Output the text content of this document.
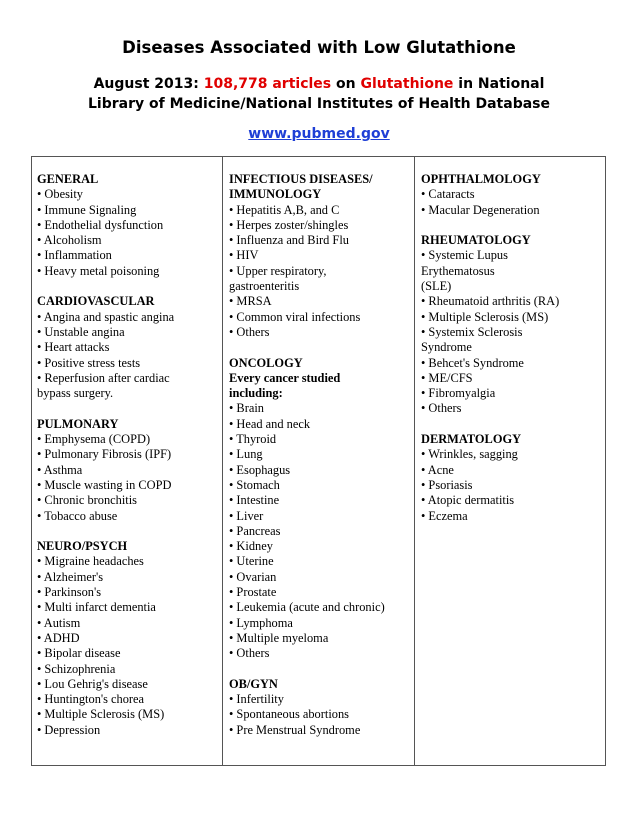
Diseases Associated with Low Glutathione
August 2013: 108,778 articles on Glutathione in National Library of Medicine/National Institutes of Health Database
www.pubmed.gov
GENERAL
• Obesity
• Immune Signaling
• Endothelial dysfunction
• Alcoholism
• Inflammation
• Heavy metal poisoning
CARDIOVASCULAR
• Angina and spastic angina
• Unstable angina
• Heart attacks
• Positive stress tests
• Reperfusion after cardiac
bypass surgery.
PULMONARY
• Emphysema (COPD)
• Pulmonary Fibrosis (IPF)
• Asthma
• Muscle wasting in COPD
• Chronic bronchitis
• Tobacco abuse
NEURO/PSYCH
• Migraine headaches
• Alzheimer's
• Parkinson's
• Multi infarct dementia
• Autism
• ADHD
• Bipolar disease
• Schizophrenia
• Lou Gehrig's disease
• Huntington's chorea
• Multiple Sclerosis (MS)
• Depression
INFECTIOUS DISEASES/
IMMUNOLOGY
• Hepatitis A,B, and C
• Herpes zoster/shingles
• Influenza and Bird Flu
• HIV
• Upper respiratory,
gastroenteritis
• MRSA
• Common viral infections
• Others
ONCOLOGY
Every cancer studied
including:
• Brain
• Head and neck
• Thyroid
• Lung
• Esophagus
• Stomach
• Intestine
• Liver
• Pancreas
• Kidney
• Uterine
• Ovarian
• Prostate
• Leukemia (acute and chronic)
• Lymphoma
• Multiple myeloma
• Others
OB/GYN
• Infertility
• Spontaneous abortions
• Pre Menstrual Syndrome
OPHTHALMOLOGY
• Cataracts
• Macular Degeneration
RHEUMATOLOGY
• Systemic Lupus
Erythematosus
(SLE)
• Rheumatoid arthritis (RA)
• Multiple Sclerosis (MS)
• Systemix Sclerosis
Syndrome
• Behcet's Syndrome
• ME/CFS
• Fibromyalgia
• Others
DERMATOLOGY
• Wrinkles, sagging
• Acne
• Psoriasis
• Atopic dermatitis
• Eczema
